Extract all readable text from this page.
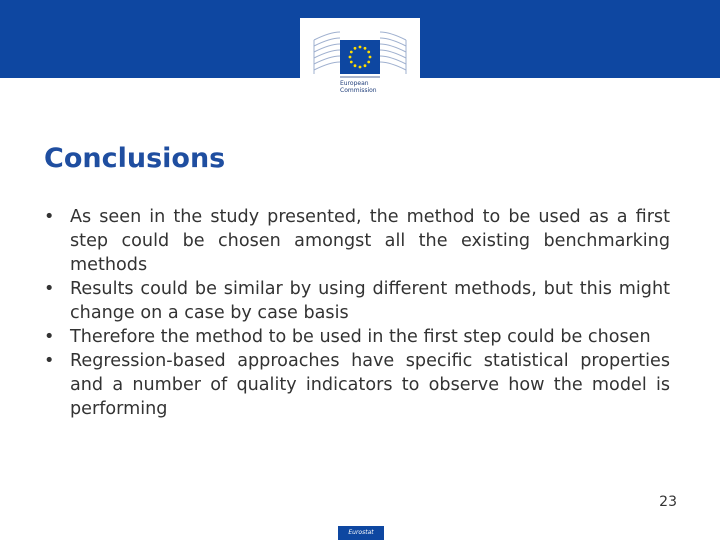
European
Commission
Conclusions
• As seen in the study presented, the method to be used as a first step could be chosen amongst all the existing benchmarking methods
• Results could be similar by using different methods, but this might change on a case by case basis
• Therefore the method to be used in the first step could be chosen
• Regression-based approaches have specific statistical properties and a number of quality indicators to observe how the model is performing
23
Eurostat
